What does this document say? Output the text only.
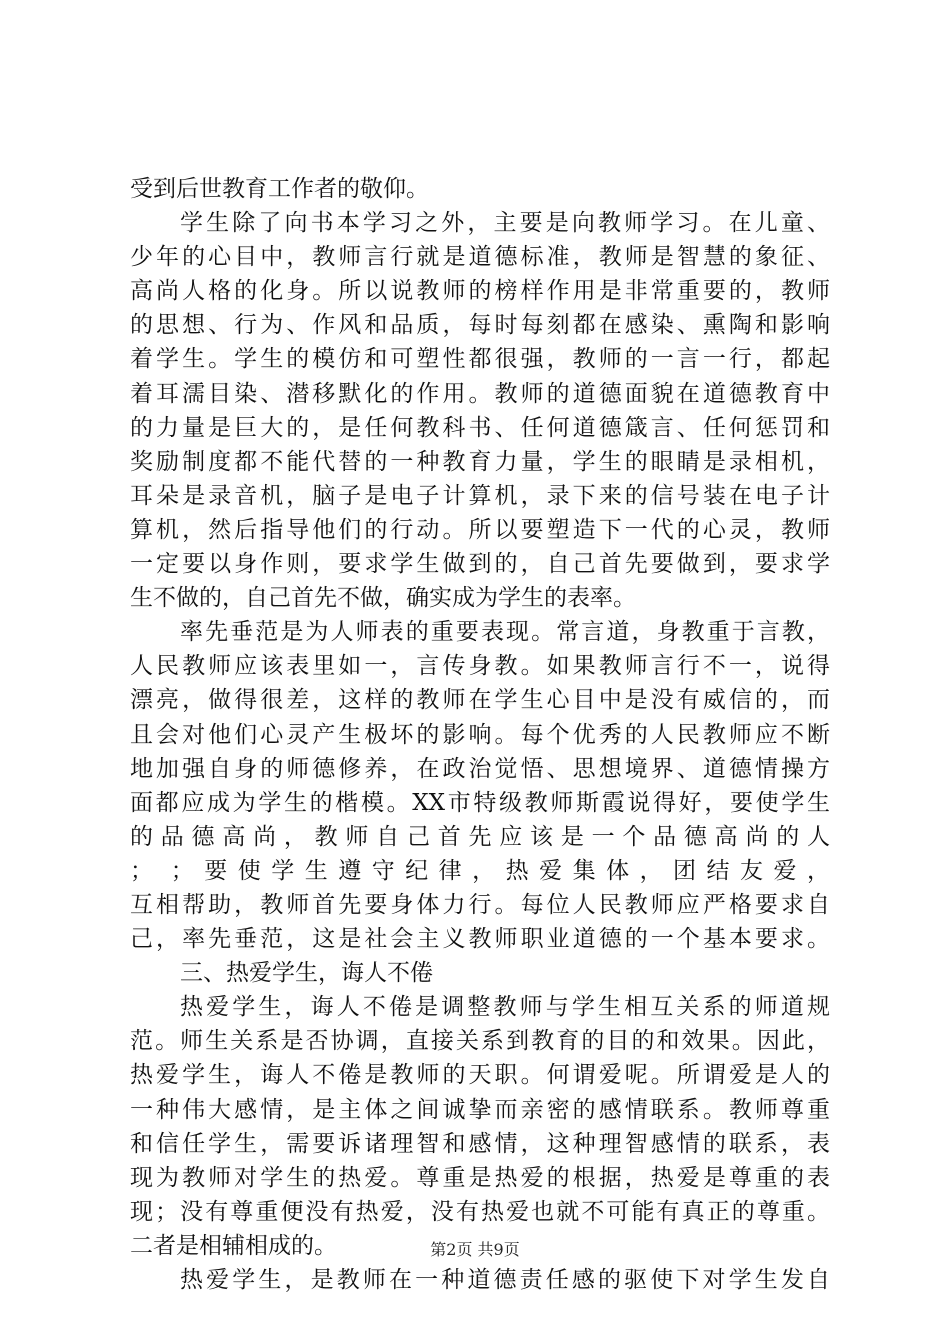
受到后世教育工作者的敬仰。
学生除了向书本学习之外，主要是向教师学习。在儿童、
少年的心目中，教师言行就是道德标准，教师是智慧的象征、
高尚人格的化身。所以说教师的榜样作用是非常重要的，教师
的思想、行为、作风和品质，每时每刻都在感染、熏陶和影响
着学生。学生的模仿和可塑性都很强，教师的一言一行，都起
着耳濡目染、潜移默化的作用。教师的道德面貌在道德教育中
的力量是巨大的，是任何教科书、任何道德箴言、任何惩罚和
奖励制度都不能代替的一种教育力量，学生的眼睛是录相机，
耳朵是录音机，脑子是电子计算机，录下来的信号装在电子计
算机，然后指导他们的行动。所以要塑造下一代的心灵，教师
一定要以身作则，要求学生做到的，自己首先要做到，要求学
生不做的，自己首先不做，确实成为学生的表率。
率先垂范是为人师表的重要表现。常言道，身教重于言教，
人民教师应该表里如一，言传身教。如果教师言行不一，说得
漂亮，做得很差，这样的教师在学生心目中是没有威信的，而
且会对他们心灵产生极坏的影响。每个优秀的人民教师应不断
地加强自身的师德修养，在政治觉悟、思想境界、道德情操方
面都应成为学生的楷模。XX市特级教师斯霞说得好，要使学生
的品德高尚，教师自己首先应该是一个品德高尚的人
； ；要使学生遵守纪律，热爱集体，团结友爱，
互相帮助，教师首先要身体力行。每位人民教师应严格要求自
己，率先垂范，这是社会主义教师职业道德的一个基本要求。
三、热爱学生，诲人不倦
热爱学生，诲人不倦是调整教师与学生相互关系的师道规
范。师生关系是否协调，直接关系到教育的目的和效果。因此，
热爱学生，诲人不倦是教师的天职。何谓爱呢。所谓爱是人的
一种伟大感情，是主体之间诚挚而亲密的感情联系。教师尊重
和信任学生，需要诉诸理智和感情，这种理智感情的联系，表
现为教师对学生的热爱。尊重是热爱的根据，热爱是尊重的表
现；没有尊重便没有热爱，没有热爱也就不可能有真正的尊重。
二者是相辅相成的。
热爱学生，是教师在一种道德责任感的驱使下对学生发自
第2页 共9页
